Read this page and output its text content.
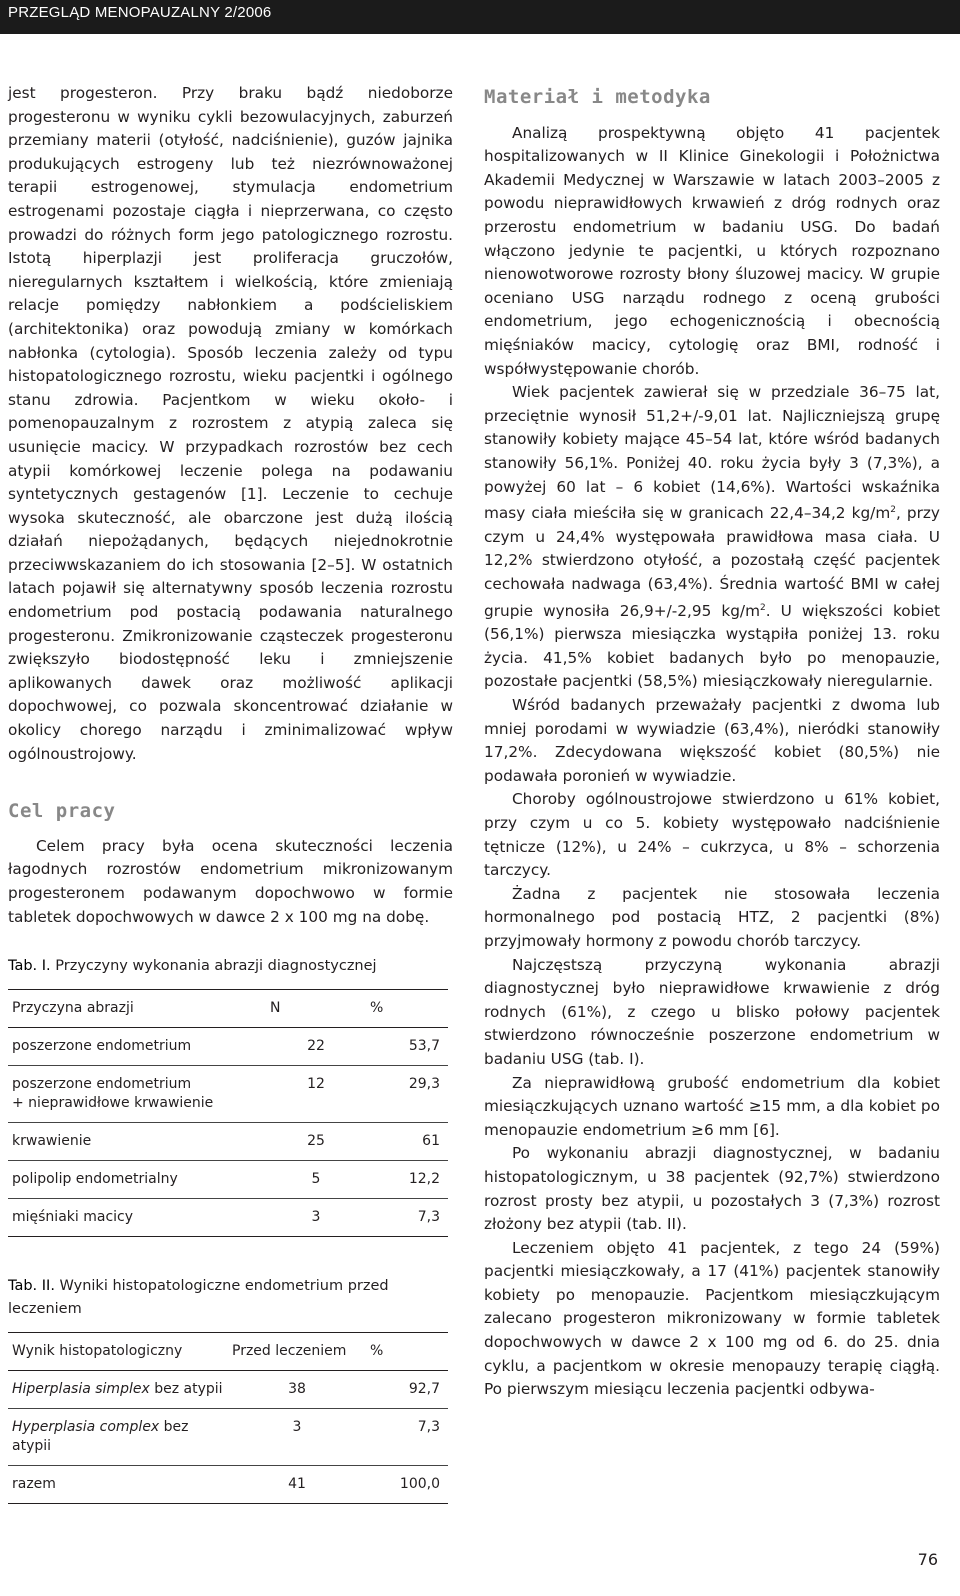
PRZEGLĄD MENOPAUZALNY 2/2006

jest progesteron. Przy braku bądź niedoborze progesteronu w wyniku cykli bezowulacyjnych, zaburzeń przemiany materii (otyłość, nadciśnienie), guzów jajnika produkujących estrogeny lub też niezrównoważonej terapii estrogenowej, stymulacja endometrium estrogenami pozostaje ciągła i nieprzerwana, co często prowadzi do różnych form jego patologicznego rozrostu. Istotą hiperplazji jest proliferacja gruczołów, nieregularnych kształtem i wielkością, które zmieniają relacje pomiędzy nabłonkiem a podścieliskiem (architektonika) oraz powodują zmiany w komórkach nabłonka (cytologia). Sposób leczenia zależy od typu histopatologicznego rozrostu, wieku pacjentki i ogólnego stanu zdrowia. Pacjentkom w wieku około- i pomenopauzalnym z rozrostem z atypią zaleca się usunięcie macicy. W przypadkach rozrostów bez cech atypii komórkowej leczenie polega na podawaniu syntetycznych gestagenów [1]. Leczenie to cechuje wysoka skuteczność, ale obarczone jest dużą ilością działań niepożądanych, będących niejednokrotnie przeciwwskazaniem do ich stosowania [2–5]. W ostatnich latach pojawił się alternatywny sposób leczenia rozrostu endometrium pod postacią podawania naturalnego progesteronu. Zmikronizowanie cząsteczek progesteronu zwiększyło biodostępność leku i zmniejszenie aplikowanych dawek oraz możliwość aplikacji dopochwowej, co pozwala skoncentrować działanie w okolicy chorego narządu i zminimalizować wpływ ogólnoustrojowy.

Cel pracy

Celem pracy była ocena skuteczności leczenia łagodnych rozrostów endometrium mikronizowanym progesteronem podawanym dopochwowo w formie tabletek dopochwowych w dawce 2 x 100 mg na dobę.

Tab. I. Przyczyny wykonania abrazji diagnostycznej
Przyczyna abrazji	N	%
poszerzone endometrium	22	53,7
poszerzone endometrium
+ nieprawidłowe krwawienie	12	29,3
krwawienie	25	61
polipolip endometrialny	5	12,2
mięśniaki macicy	3	7,3
Tab. II. Wyniki histopatologiczne endometrium przed leczeniem
Wynik histopatologiczny	Przed leczeniem	%
Hiperplasia simplex bez atypii	38	92,7
Hyperplasia complex bez atypii	3	7,3
razem	41	100,0
Materiał i metodyka

Analizą prospektywną objęto 41 pacjentek hospitalizowanych w II Klinice Ginekologii i Położnictwa Akademii Medycznej w Warszawie w latach 2003–2005 z powodu nieprawidłowych krwawień z dróg rodnych oraz przerostu endometrium w badaniu USG. Do badań włączono jedynie te pacjentki, u których rozpoznano nienowotworowe rozrosty błony śluzowej macicy. W grupie oceniano USG narządu rodnego z oceną grubości endometrium, jego echogenicznością i obecnością mięśniaków macicy, cytologię oraz BMI, rodność i współwystępowanie chorób.

Wiek pacjentek zawierał się w przedziale 36–75 lat, przeciętnie wynosił 51,2+/-9,01 lat. Najliczniejszą grupę stanowiły kobiety mające 45–54 lat, które wśród badanych stanowiły 56,1%. Poniżej 40. roku życia były 3 (7,3%), a powyżej 60 lat – 6 kobiet (14,6%). Wartości wskaźnika masy ciała mieściła się w granicach 22,4–34,2 $kg/m^2$, przy czym u 24,4% występowała prawidłowa masa ciała. U 12,2% stwierdzono otyłość, a pozostałą część pacjentek cechowała nadwaga (63,4%). Średnia wartość BMI w całej grupie wynosiła 26,9+/-2,95 $kg/m^2$. U większości kobiet (56,1%) pierwsza miesiączka wystąpiła poniżej 13. roku życia. 41,5% kobiet badanych było po menopauzie, pozostałe pacjentki (58,5%) miesiączkowały nieregularnie.

Wśród badanych przeważały pacjentki z dwoma lub mniej porodami w wywiadzie (63,4%), nieródki stanowiły 17,2%. Zdecydowana większość kobiet (80,5%) nie podawała poronień w wywiadzie.

Choroby ogólnoustrojowe stwierdzono u 61% kobiet, przy czym u co 5. kobiety występowało nadciśnienie tętnicze (12%), u 24% – cukrzyca, u 8% – schorzenia tarczycy.

Żadna z pacjentek nie stosowała leczenia hormonalnego pod postacią HTZ, 2 pacjentki (8%) przyjmowały hormony z powodu chorób tarczycy.

Najczęstszą przyczyną wykonania abrazji diagnostycznej było nieprawidłowe krwawienie z dróg rodnych (61%), z czego u blisko połowy pacjentek stwierdzono równocześnie poszerzone endometrium w badaniu USG (tab. I).

Za nieprawidłową grubość endometrium dla kobiet miesiączkujących uznano wartość ≥15 mm, a dla kobiet po menopauzie endometrium ≥6 mm [6].

Po wykonaniu abrazji diagnostycznej, w badaniu histopatologicznym, u 38 pacjentek (92,7%) stwierdzono rozrost prosty bez atypii, u pozostałych 3 (7,3%) rozrost złożony bez atypii (tab. II).

Leczeniem objęto 41 pacjentek, z tego 24 (59%) pacjentki miesiączkowały, a 17 (41%) pacjentek stanowiły kobiety po menopauzie. Pacjentkom miesiączkującym zalecano progesteron mikronizowany w formie tabletek dopochwowych w dawce 2 x 100 mg od 6. do 25. dnia cyklu, a pacjentkom w okresie menopauzy terapię ciągłą. Po pierwszym miesiącu leczenia pacjentki odbywa-

76
